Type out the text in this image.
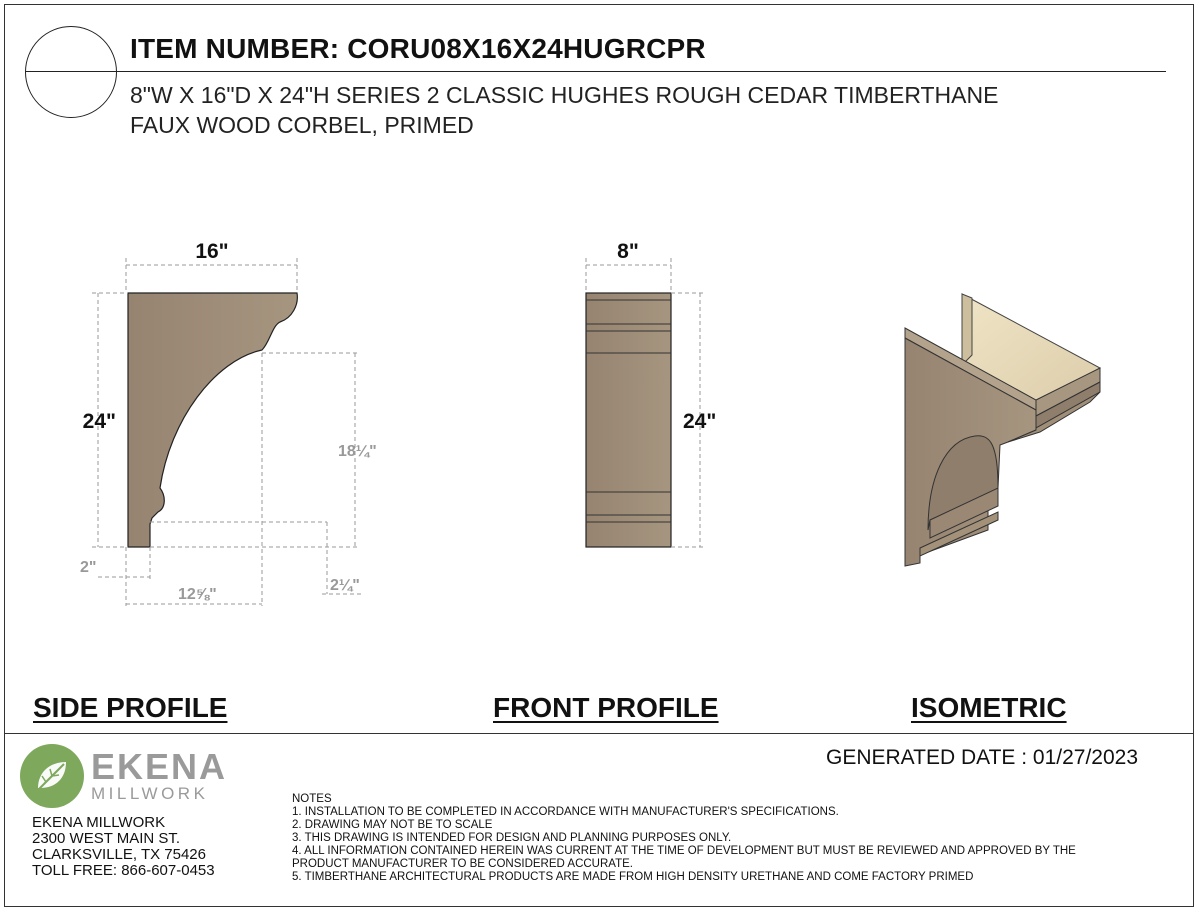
ITEM NUMBER: CORU08X16X24HUGRCPR
8"W X 16"D X 24"H SERIES 2 CLASSIC HUGHES ROUGH CEDAR TIMBERTHANE
FAUX WOOD CORBEL, PRIMED
16"
24"
18¼"
2"
12⅝"
2¼"
8"
24"
SIDE PROFILE	FRONT PROFILE	ISOMETRIC
EKENA
MILLWORK
EKENA MILLWORK
2300 WEST MAIN ST.
CLARKSVILLE, TX 75426
TOLL FREE: 866-607-0453
GENERATED DATE : 01/27/2023
NOTES
1. INSTALLATION TO BE COMPLETED IN ACCORDANCE WITH MANUFACTURER'S SPECIFICATIONS.
2. DRAWING MAY NOT BE TO SCALE
3. THIS DRAWING IS INTENDED FOR DESIGN AND PLANNING PURPOSES ONLY.
4. ALL INFORMATION CONTAINED HEREIN WAS CURRENT AT THE TIME OF DEVELOPMENT BUT MUST BE REVIEWED AND APPROVED BY THE
PRODUCT MANUFACTURER TO BE CONSIDERED ACCURATE.
5. TIMBERTHANE ARCHITECTURAL PRODUCTS ARE MADE FROM HIGH DENSITY URETHANE AND COME FACTORY PRIMED
